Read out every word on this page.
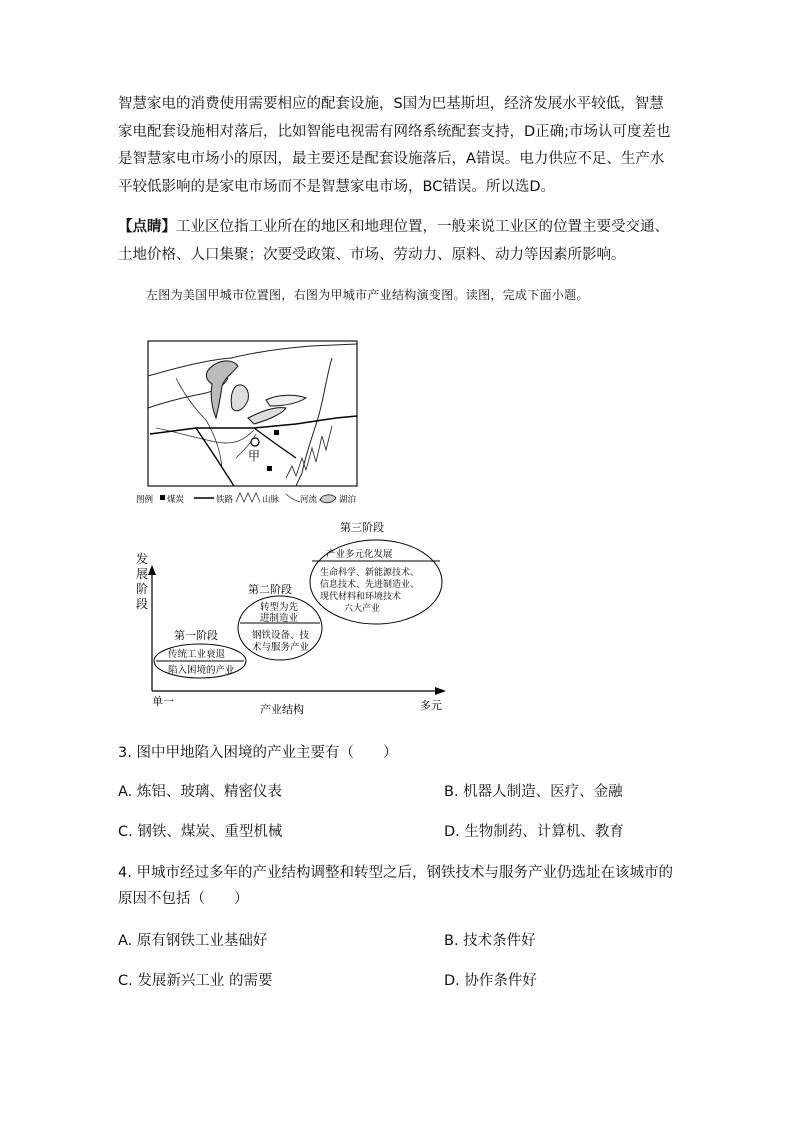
智慧家电的消费使用需要相应的配套设施，S国为巴基斯坦，经济发展水平较低，智慧家电配套设施相对落后，比如智能电视需有网络系统配套支持，D正确;市场认可度差也是智慧家电市场小的原因，最主要还是配套设施落后，A错误。电力供应不足、生产水平较低影响的是家电市场而不是智慧家电市场，BC错误。所以选D。
【点睛】工业区位指工业所在的地区和地理位置，一般来说工业区的位置主要受交通、土地价格、人口集聚；次要受政策、市场、劳动力、原料、动力等因素所影响。
左图为美国甲城市位置图，右图为甲城市产业结构演变图。读图，完成下面小题。
甲
图例 煤炭	铁路	山脉 河流	湖泊
发
展
阶
段
单一
产业结构	多元
第一阶段
传统工业衰退
陷入困境的产业
第二阶段
转型为先
进制造业
钢铁设备、技
术与服务产业
第三阶段
产业多元化发展
生命科学、新能源技术、
信息技术、先进制造业、
现代材料和环境技术
六大产业
3. 图中甲地陷入困境的产业主要有（　　）
A. 炼铝、玻璃、精密仪表	B. 机器人制造、医疗、金融
C. 钢铁、煤炭、重型机械	D. 生物制药、计算机、教育
4. 甲城市经过多年的产业结构调整和转型之后，钢铁技术与服务产业仍选址在该城市的原因不包括（　　）
A. 原有钢铁工业基础好	B. 技术条件好
C. 发展新兴工业 的需要	D. 协作条件好
